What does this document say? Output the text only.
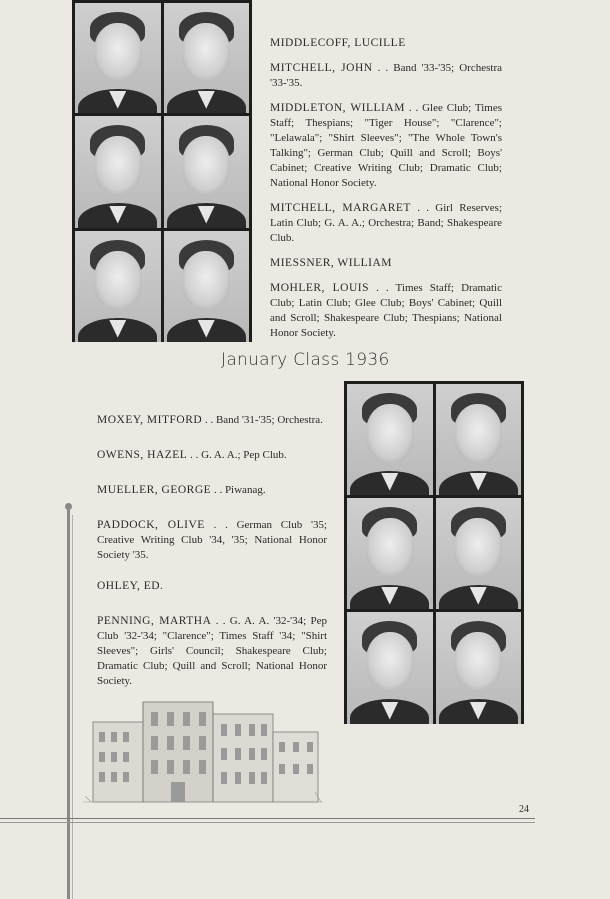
MIDDLECOFF, LUCILLE

MITCHELL, JOHN . . Band '33-'35; Orchestra '33-'35.

MIDDLETON, WILLIAM . . Glee Club; Times Staff; Thespians; "Tiger House"; "Clarence"; "Lelawala"; "Shirt Sleeves"; "The Whole Town's Talking"; German Club; Quill and Scroll; Boys' Cabinet; Creative Writing Club; Dramatic Club; National Honor Society.

MITCHELL, MARGARET . . Girl Reserves; Latin Club; G. A. A.; Orchestra; Band; Shakespeare Club.

MIESSNER, WILLIAM

MOHLER, LOUIS . . Times Staff; Dramatic Club; Latin Club; Glee Club; Boys' Cabinet; Quill and Scroll; Shakespeare Club; Thespians; National Honor Society.

January Class 1936

MOXEY, MITFORD . . Band '31-'35; Orchestra.

OWENS, HAZEL . . G. A. A.; Pep Club.

MUELLER, GEORGE . . Piwanag.

PADDOCK, OLIVE . . German Club '35; Creative Writing Club '34, '35; National Honor Society '35.

OHLEY, ED.

PENNING, MARTHA . . G. A. A. '32-'34; Pep Club '32-'34; "Clarence"; Times Staff '34; "Shirt Sleeves"; Girls' Council; Shakespeare Club; Dramatic Club; Quill and Scroll; National Honor Society.

24
